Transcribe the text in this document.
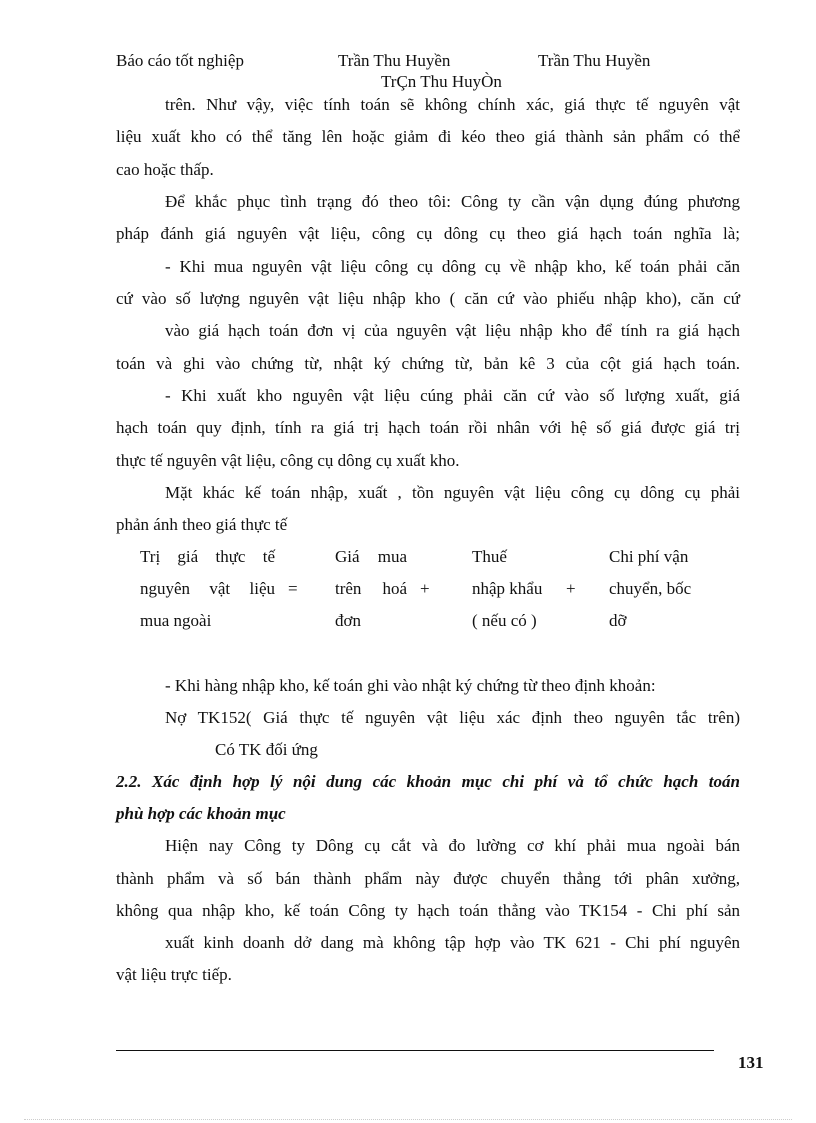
Báo cáo tốt nghiệp	Trần Thu Huyền	Trần Thu Huyền
TrÇn Thu HuyÒn
trên. Như vậy, việc tính toán sẽ không chính xác, giá thực tế nguyên vật
liệu xuất kho có thể tăng lên hoặc giảm đi kéo theo giá thành sản phẩm có thể
cao hoặc thấp.
Để khắc phục tình trạng đó theo tôi: Công ty cần vận dụng đúng phương
pháp đánh giá nguyên vật liệu, công cụ dông cụ theo giá hạch toán nghĩa là;
- Khi mua nguyên vật liệu công cụ dông cụ về nhập kho, kế toán phải căn
cứ vào số lượng nguyên vật liệu nhập kho ( căn cứ vào phiếu nhập kho), căn cứ
vào giá hạch toán đơn vị của nguyên vật liệu nhập kho để tính ra giá hạch
toán và ghi vào chứng từ, nhật ký chứng từ, bản kê 3 của cột giá hạch toán.
- Khi xuất kho nguyên vật liệu cúng phải căn cứ vào số lượng xuất, giá
hạch toán quy định, tính ra giá trị hạch toán rồi nhân với hệ số giá được giá trị
thực tế nguyên vật liệu, công cụ dông cụ xuất kho.
Mặt khác kế toán nhập, xuất , tồn nguyên vật liệu công cụ dông cụ phải
phản ánh theo giá thực tế
Trị giá thực tế
nguyên vật liệu
mua ngoài
=
Giá mua
trên hoá
đơn
+
Thuế
nhập khẩu
( nếu có )
+
Chi phí vận
chuyển, bốc
dỡ
- Khi hàng nhập kho, kế toán ghi vào nhật ký chứng từ theo định khoản:
Nợ TK152( Giá thực tế nguyên vật liệu xác định theo nguyên tắc trên)
Có TK đối ứng
2.2. Xác định hợp lý nội dung các khoản mục chi phí và tổ chức hạch toán
phù hợp các khoản mục
Hiện nay Công ty Dông cụ cắt và đo lường cơ khí phải mua ngoài bán
thành phẩm và số bán thành phẩm này được chuyển thẳng tới phân xưởng,
không qua nhập kho, kế toán Công ty hạch toán thẳng vào TK154 - Chi phí sản
xuất kinh doanh dở dang mà không tập hợp vào TK 621 - Chi phí nguyên
vật liệu trực tiếp.
131
